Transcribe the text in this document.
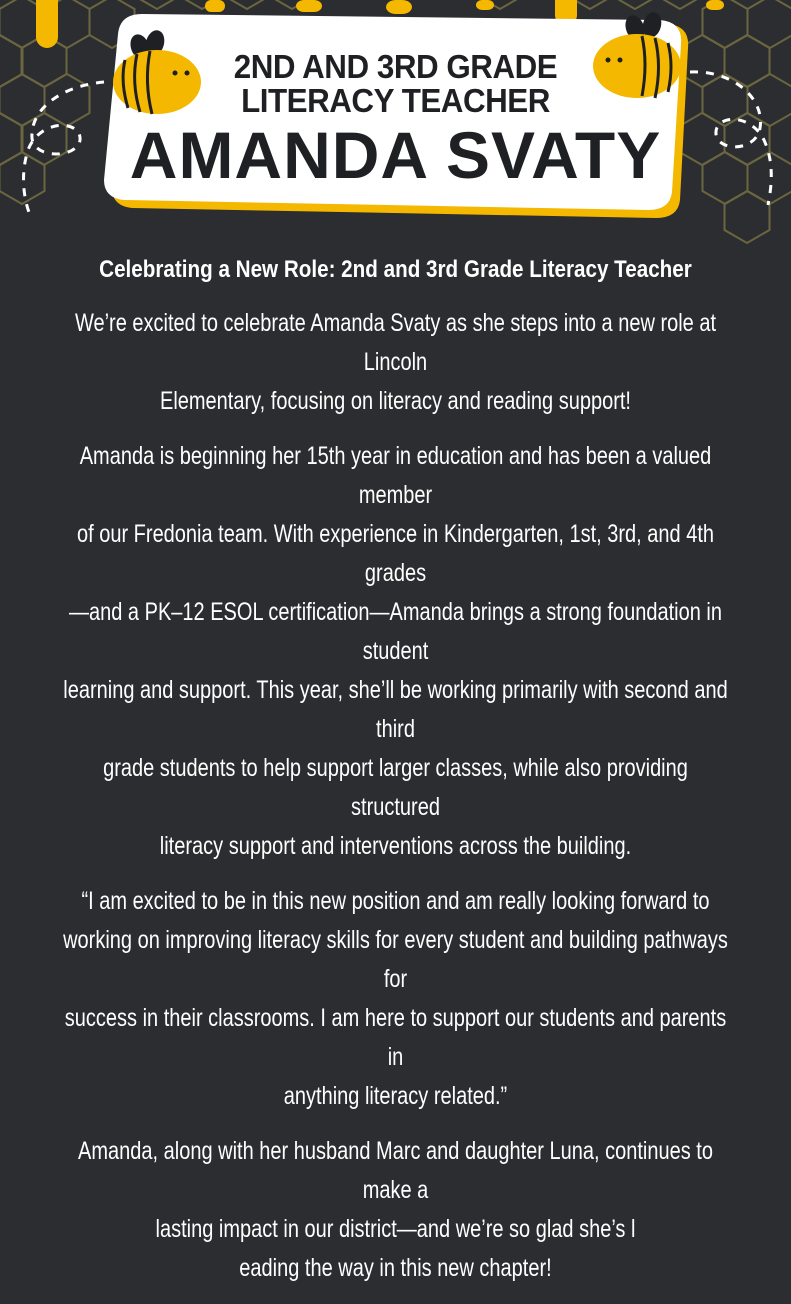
2ND AND 3RD GRADE
LITERACY TEACHER
AMANDA SVATY
Celebrating a New Role: 2nd and 3rd Grade Literacy Teacher

We’re excited to celebrate Amanda Svaty as she steps into a new role at Lincoln
Elementary, focusing on literacy and reading support!

Amanda is beginning her 15th year in education and has been a valued member
of our Fredonia team. With experience in Kindergarten, 1st, 3rd, and 4th grades
—and a PK–12 ESOL certification—Amanda brings a strong foundation in student
learning and support. This year, she’ll be working primarily with second and third
grade students to help support larger classes, while also providing structured
literacy support and interventions across the building.

“I am excited to be in this new position and am really looking forward to
working on improving literacy skills for every student and building pathways for
success in their classrooms. I am here to support our students and parents in
anything literacy related.”

Amanda, along with her husband Marc and daughter Luna, continues to make a
lasting impact in our district—and we’re so glad she’s l
eading the way in this new chapter!
